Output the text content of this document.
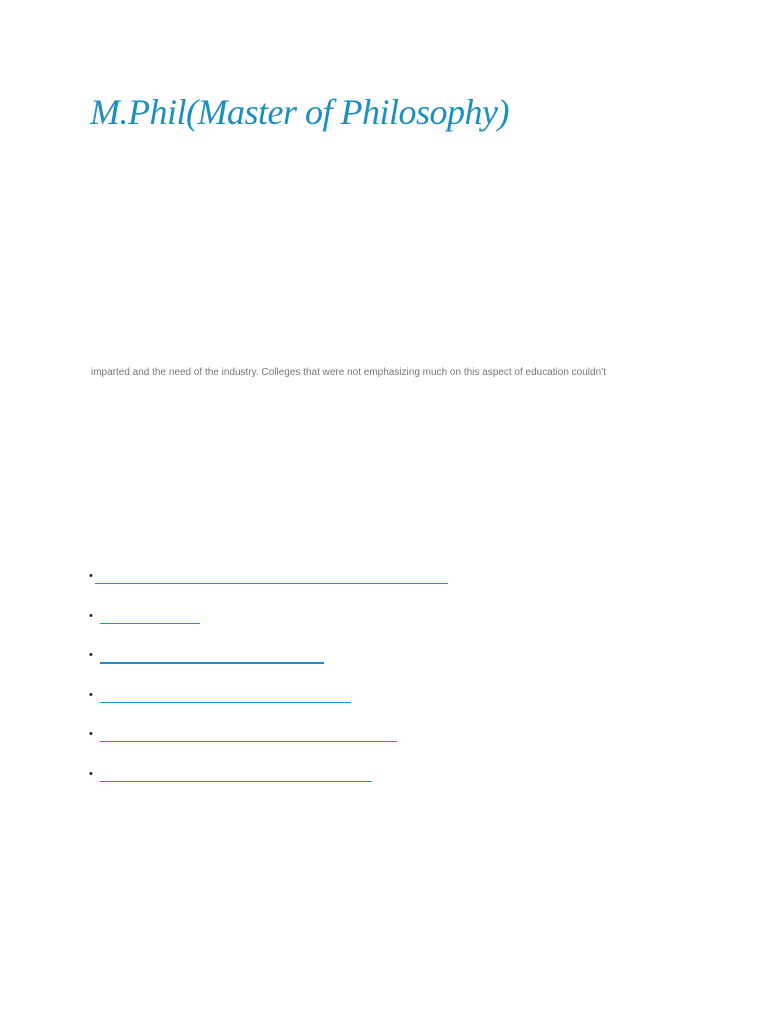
M.Phil(Master of Philosophy)

imparted and the need of the industry. Colleges that were not emphasizing much on this aspect of education couldn’t

•
•
•
•
•
•
